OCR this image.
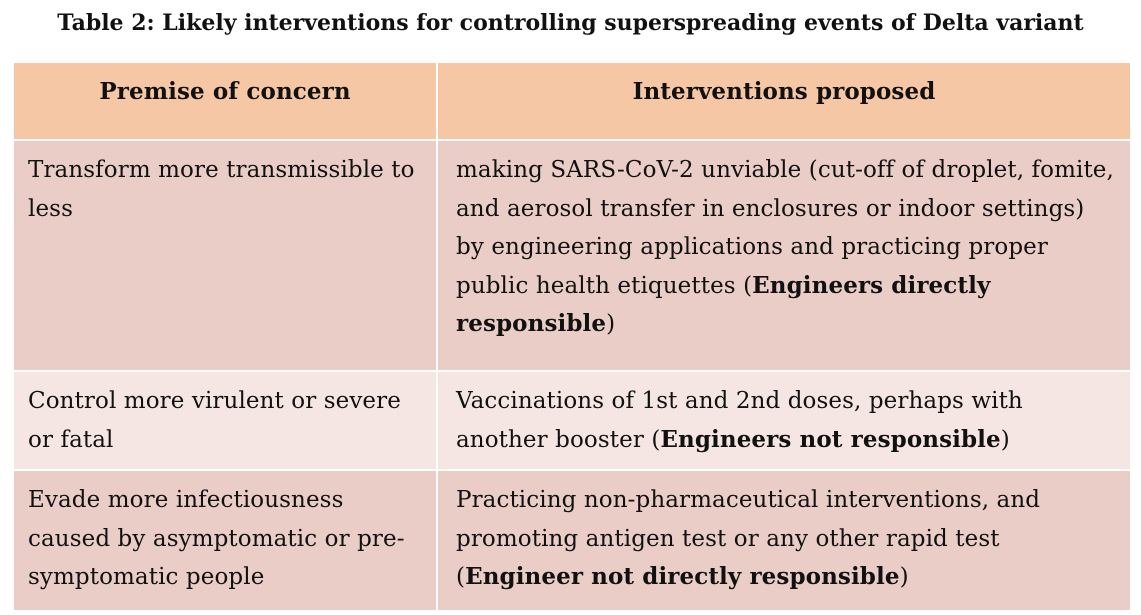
Table 2: Likely interventions for controlling superspreading events of Delta variant
Premise of concern	Interventions proposed
Transform more transmissible to less	making SARS-CoV-2 unviable (cut-off of droplet, fomite, and aerosol transfer in enclosures or indoor settings) by engineering applications and practicing proper public health etiquettes (Engineers directly responsible)
Control more virulent or severe or fatal	Vaccinations of 1st and 2nd doses, perhaps with another booster (Engineers not responsible)
Evade more infectiousness caused by asymptomatic or pre-symptomatic people	Practicing non-pharmaceutical interventions, and promoting antigen test or any other rapid test (Engineer not directly responsible)
